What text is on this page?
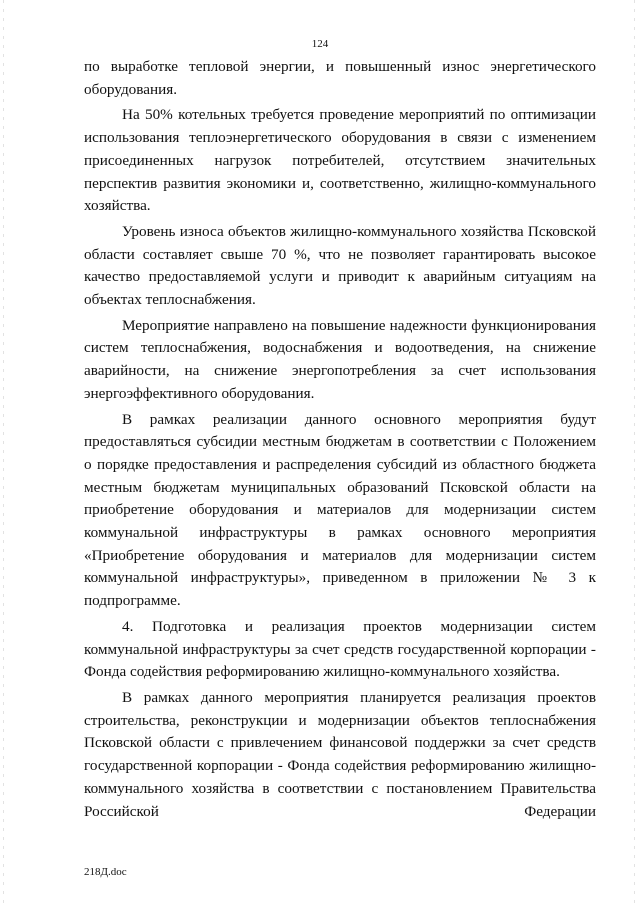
124

по выработке тепловой энергии, и повышенный износ энергетического оборудования.

На 50% котельных требуется проведение мероприятий по оптимизации использования теплоэнергетического оборудования в связи с изменением присоединенных нагрузок потребителей, отсутствием значительных перспектив развития экономики и, соответственно, жилищно-коммунального хозяйства.

Уровень износа объектов жилищно-коммунального хозяйства Псковской области составляет свыше 70 %, что не позволяет гарантировать высокое качество предоставляемой услуги и приводит к аварийным ситуациям на объектах теплоснабжения.

Мероприятие направлено на повышение надежности функционирования систем теплоснабжения, водоснабжения и водоотведения, на снижение аварийности, на снижение энергопотребления за счет использования энергоэффективного оборудования.

В рамках реализации данного основного мероприятия будут предоставляться субсидии местным бюджетам в соответствии с Положением о порядке предоставления и распределения субсидий из областного бюджета местным бюджетам муниципальных образований Псковской области на приобретение оборудования и материалов для модернизации систем коммунальной инфраструктуры в рамках основного мероприятия «Приобретение оборудования и материалов для модернизации систем коммунальной инфраструктуры», приведенном в приложении № 3 к подпрограмме.

4. Подготовка и реализация проектов модернизации систем коммунальной инфраструктуры за счет средств государственной корпорации - Фонда содействия реформированию жилищно-коммунального хозяйства.

В рамках данного мероприятия планируется реализация проектов строительства, реконструкции и модернизации объектов теплоснабжения Псковской области с привлечением финансовой поддержки за счет средств государственной корпорации - Фонда содействия реформированию жилищно-коммунального хозяйства в соответствии с постановлением Правительства Российской Федерации

218Д.doc
